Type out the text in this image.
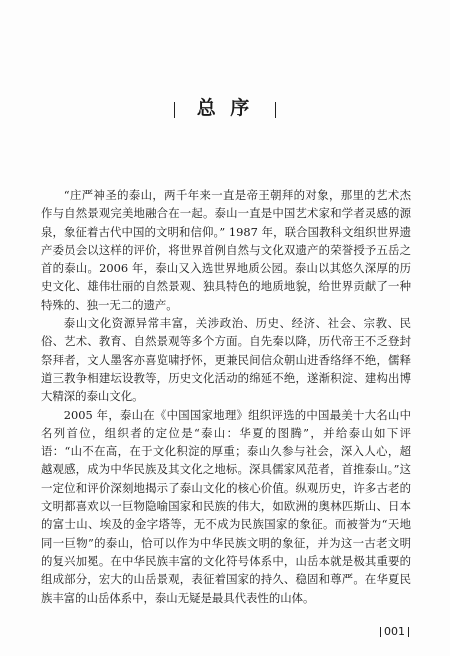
总 序

“庄严神圣的泰山，两千年来一直是帝王朝拜的对象，那里的艺术杰作与自然景观完美地融合在一起。泰山一直是中国艺术家和学者灵感的源泉，象征着古代中国的文明和信仰。” 1987 年，联合国教科文组织世界遗产委员会以这样的评价，将世界首例自然与文化双遗产的荣誉授予五岳之首的泰山。2006 年，泰山又入选世界地质公园。泰山以其悠久深厚的历史文化、雄伟壮丽的自然景观、独具特色的地质地貌，给世界贡献了一种特殊的、独一无二的遗产。

泰山文化资源异常丰富，关涉政治、历史、经济、社会、宗教、民俗、艺术、教育、自然景观等多个方面。自先秦以降，历代帝王不乏登封祭拜者，文人墨客亦喜览啸抒怀，更兼民间信众朝山进香络绎不绝，儒释道三教争相建坛设教等，历史文化活动的绵延不绝，遂渐积淀、建构出博大精深的泰山文化。

2005 年，泰山在《中国国家地理》组织评选的中国最美十大名山中名列首位，组织者的定位是“泰山：华夏的图腾”，并给泰山如下评语：“山不在高，在于文化积淀的厚重；泰山久参与社会，深入人心，超越观感，成为中华民族及其文化之地标。深具儒家风范者，首推泰山。”这一定位和评价深刻地揭示了泰山文化的核心价值。纵观历史，许多古老的文明都喜欢以一巨物隐喻国家和民族的伟大，如欧洲的奥林匹斯山、日本的富士山、埃及的金字塔等，无不成为民族国家的象征。而被誉为“天地同一巨物”的泰山，恰可以作为中华民族文明的象征，并为这一古老文明的复兴加冕。在中华民族丰富的文化符号体系中，山岳本就是极其重要的组成部分，宏大的山岳景观，表征着国家的持久、稳固和尊严。在华夏民族丰富的山岳体系中，泰山无疑是最具代表性的山体。

001
